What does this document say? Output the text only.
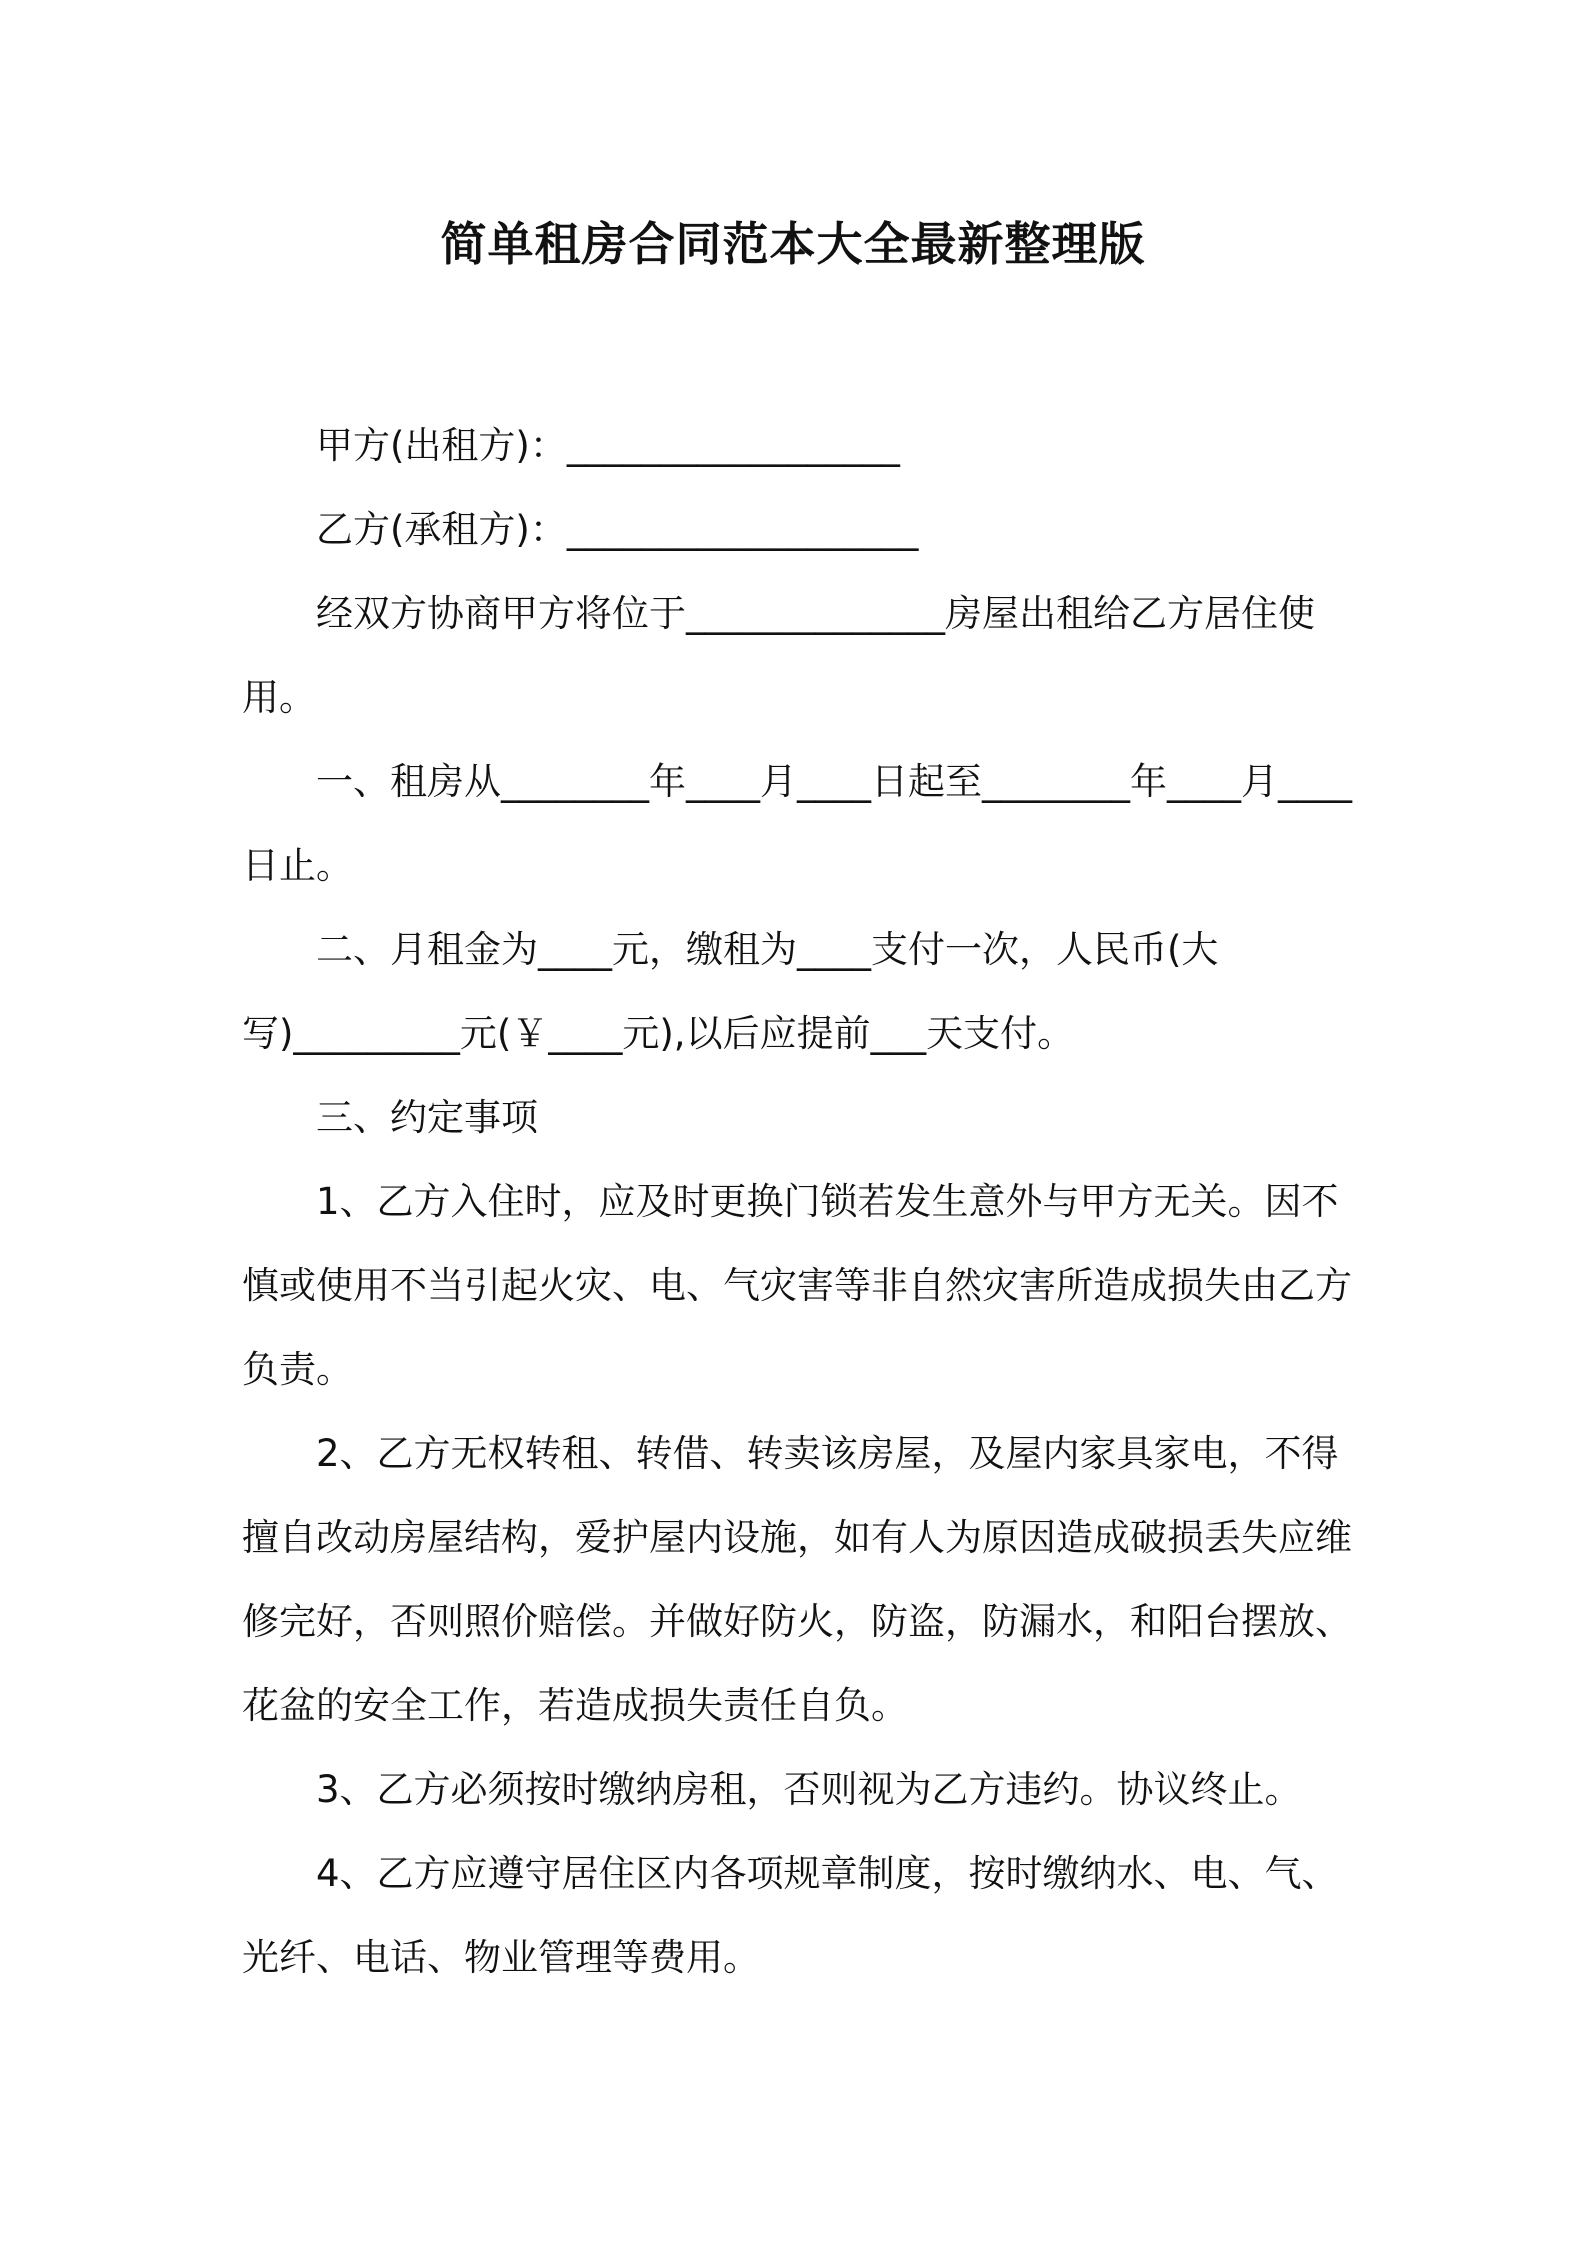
简单租房合同范本大全最新整理版

甲方(出租方)：__________________

乙方(承租方)：___________________

经双方协商甲方将位于______________房屋出租给乙方居住使用。

一、租房从________年____月____日起至________年____月____日止。

二、月租金为____元，缴租为____支付一次，人民币(大写)_________元(￥____元),以后应提前___天支付。

三、约定事项

1、乙方入住时，应及时更换门锁若发生意外与甲方无关。因不慎或使用不当引起火灾、电、气灾害等非自然灾害所造成损失由乙方负责。

2、乙方无权转租、转借、转卖该房屋，及屋内家具家电，不得擅自改动房屋结构，爱护屋内设施，如有人为原因造成破损丢失应维修完好，否则照价赔偿。并做好防火，防盗，防漏水，和阳台摆放、花盆的安全工作，若造成损失责任自负。

3、乙方必须按时缴纳房租，否则视为乙方违约。协议终止。

4、乙方应遵守居住区内各项规章制度，按时缴纳水、电、气、光纤、电话、物业管理等费用。
